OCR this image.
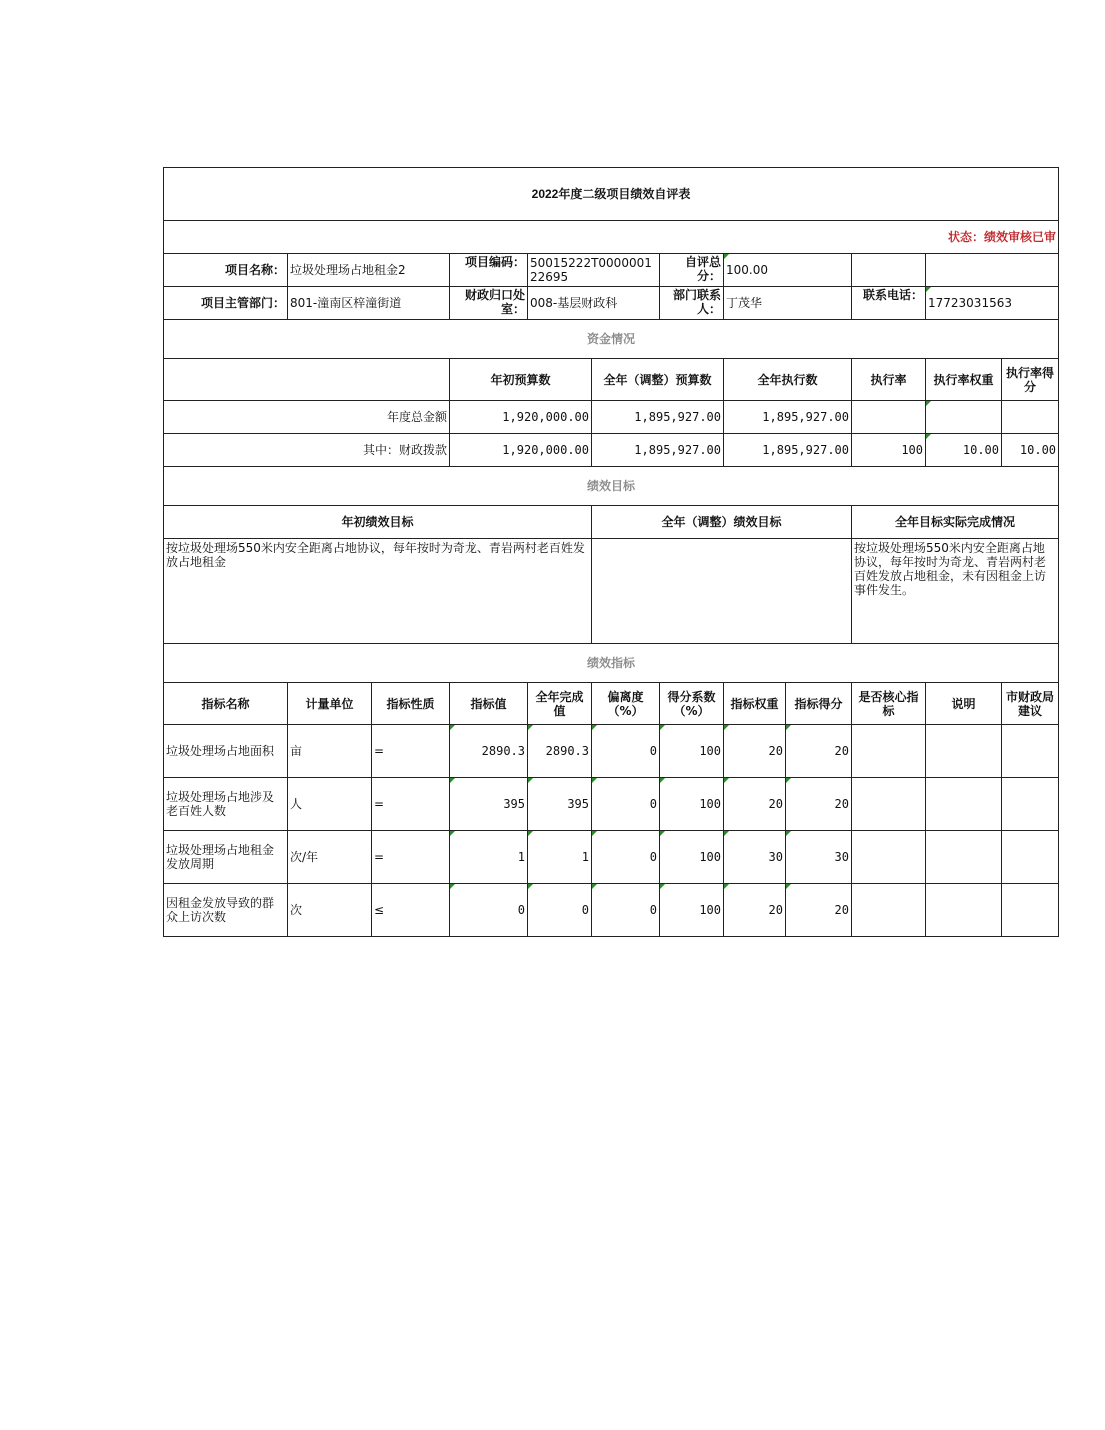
2022年度二级项目绩效自评表											
状态：绩效审核已审											
项目名称：	垃圾处理场占地租金2		项目编码：	50015222T000000122695		自评总分：	100.00				
项目主管部门：	801-潼南区梓潼街道		财政归口处室：	008-基层财政科		部门联系人：	丁茂华		联系电话：	17723031563	
资金情况											
			年初预算数		全年（调整）预算数		全年执行数		执行率	执行率权重	执行率得分
年度总金额			1,920,000.00		1,895,927.00		1,895,927.00				
其中：财政拨款			1,920,000.00		1,895,927.00		1,895,927.00		100	10.00	10.00
绩效目标											
年初绩效目标					全年（调整）绩效目标				全年目标实际完成情况		
按垃圾处理场550米内安全距离占地协议，每年按时为奇龙、青岩两村老百姓发放占地租金									按垃圾处理场550米内安全距离占地协议，每年按时为奇龙、青岩两村老百姓发放占地租金，未有因租金上访事件发生。		
绩效指标											
指标名称	计量单位	指标性质	指标值	全年完成值	偏离度（%）	得分系数（%）	指标权重	指标得分	是否核心指标	说明	市财政局建议
垃圾处理场占地面积	亩	=	2890.3	2890.3	0	100	20	20			
垃圾处理场占地涉及老百姓人数	人	=	395	395	0	100	20	20			
垃圾处理场占地租金发放周期	次/年	=	1	1	0	100	30	30			
因租金发放导致的群众上访次数	次	≤	0	0	0	100	20	20			
